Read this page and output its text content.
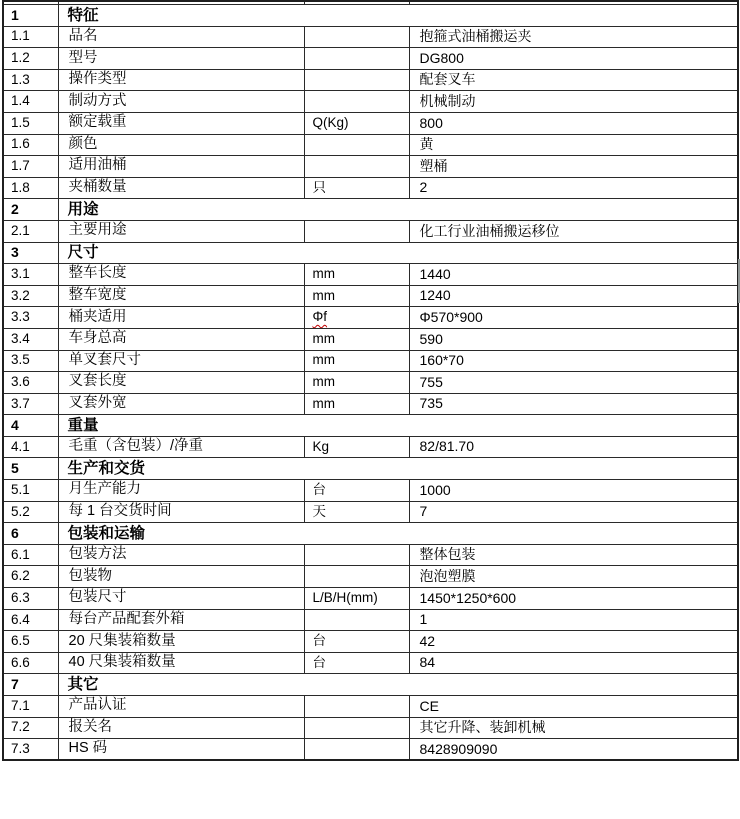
1	特征		
1.1	品名		抱箍式油桶搬运夹
1.2	型号		DG800
1.3	操作类型		配套叉车
1.4	制动方式		机械制动
1.5	额定载重	Q(Kg)	800
1.6	颜色		黄
1.7	适用油桶		塑桶
1.8	夹桶数量	只	2
2	用途		
2.1	主要用途		化工行业油桶搬运移位
3	尺寸		
3.1	整车长度	mm	1440
3.2	整车宽度	mm	1240
3.3	桶夹适用	Φf	Φ570*900
3.4	车身总高	mm	590
3.5	单叉套尺寸	mm	160*70
3.6	叉套长度	mm	755
3.7	叉套外宽	mm	735
4	重量		
4.1	毛重（含包装）/净重	Kg	82/81.70
5	生产和交货		
5.1	月生产能力	台	1000
5.2	每 1 台交货时间	天	7
6	包装和运输		
6.1	包装方法		整体包装
6.2	包装物		泡泡塑膜
6.3	包装尺寸	L/B/H(mm)	1450*1250*600
6.4	每台产品配套外箱		1
6.5	20 尺集装箱数量	台	42
6.6	40 尺集装箱数量	台	84
7	其它		
7.1	产品认证		CE
7.2	报关名		其它升降、装卸机械
7.3	HS 码		8428909090
